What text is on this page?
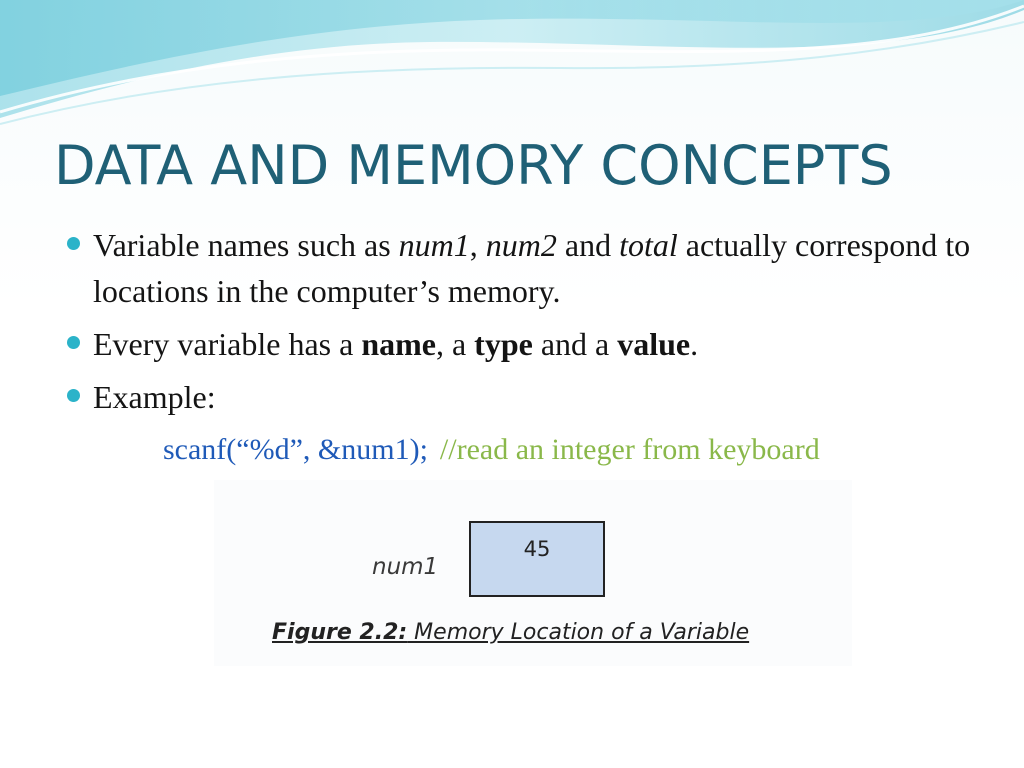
DATA AND MEMORY CONCEPTS
Variable names such as num1, num2 and total actually correspond to locations in the computer’s memory.
Every variable has a name, a type and a value.
Example:
scanf(“%d”, &num1); //read an integer from keyboard
num1
45
Figure 2.2: Memory Location of a Variable
